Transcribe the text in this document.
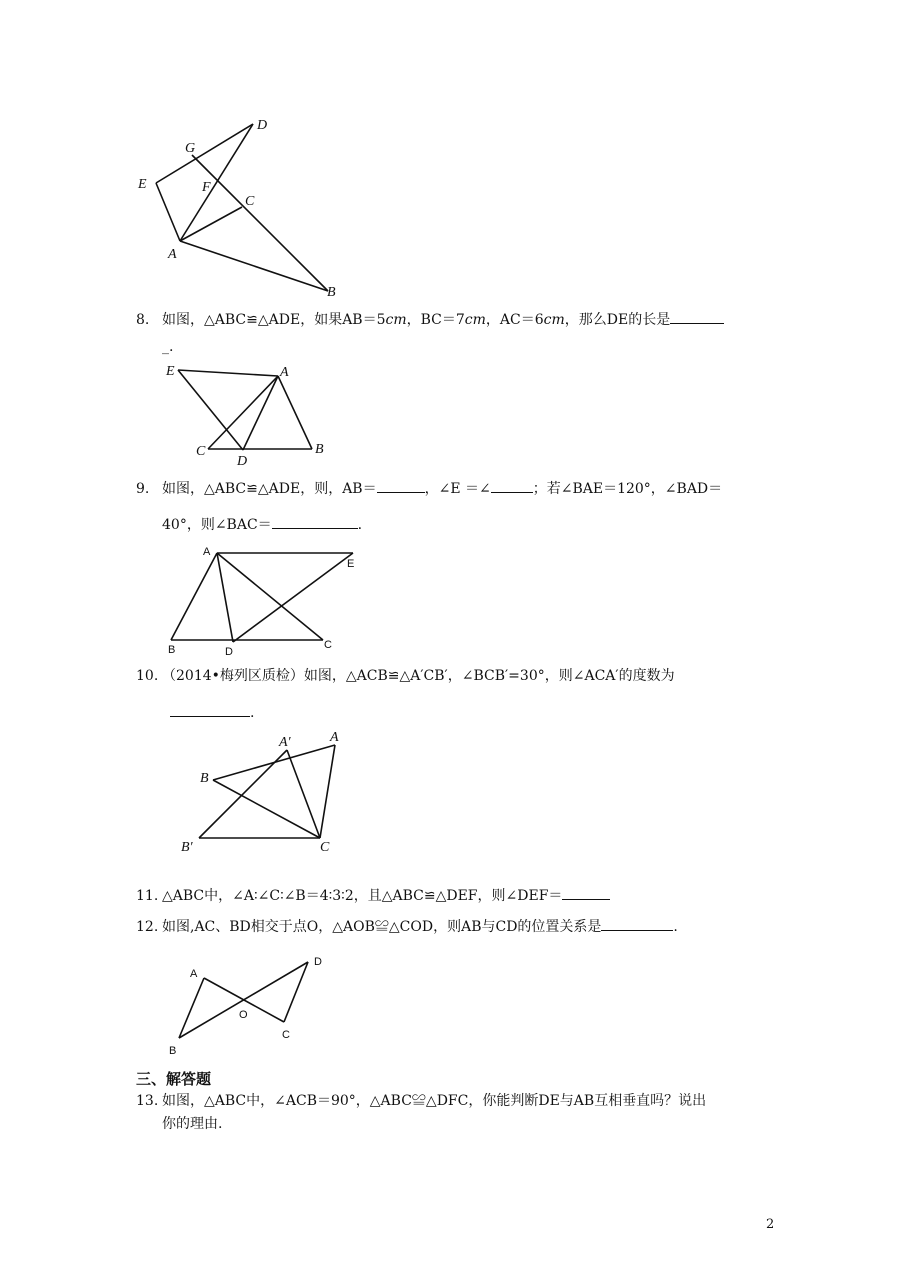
D
G
E	F
C
A
B
8. 如图，△ABC≌△ADE，如果AB＝5cm，BC＝7cm，AC＝6cm，那么DE的长是
_.
E	A
C
D
B
9. 如图，△ABC≌△ADE，则，AB＝	，∠E ＝∠	；若∠BAE＝120°，∠BAD＝
40°，则∠BAC＝	.
A
E
B	D
C
10. （2014•梅列区质检）如图，△ACB≌△A′CB′，∠BCB′=30°，则∠ACA′的度数为
.
A′	A
B
B′	C
11. △ABC中，∠A∶∠C∶∠B＝4∶3∶2，且△ABC≌△DEF，则∠DEF＝
12. 如图,AC、BD相交于点O，△AOB≌△COD，则AB与CD的位置关系是	.
A
D
O
C
B
三、解答题
13. 如图，△ABC中，∠ACB＝90°，△ABC≌△DFC，你能判断DE与AB互相垂直吗？说出
你的理由.
2
